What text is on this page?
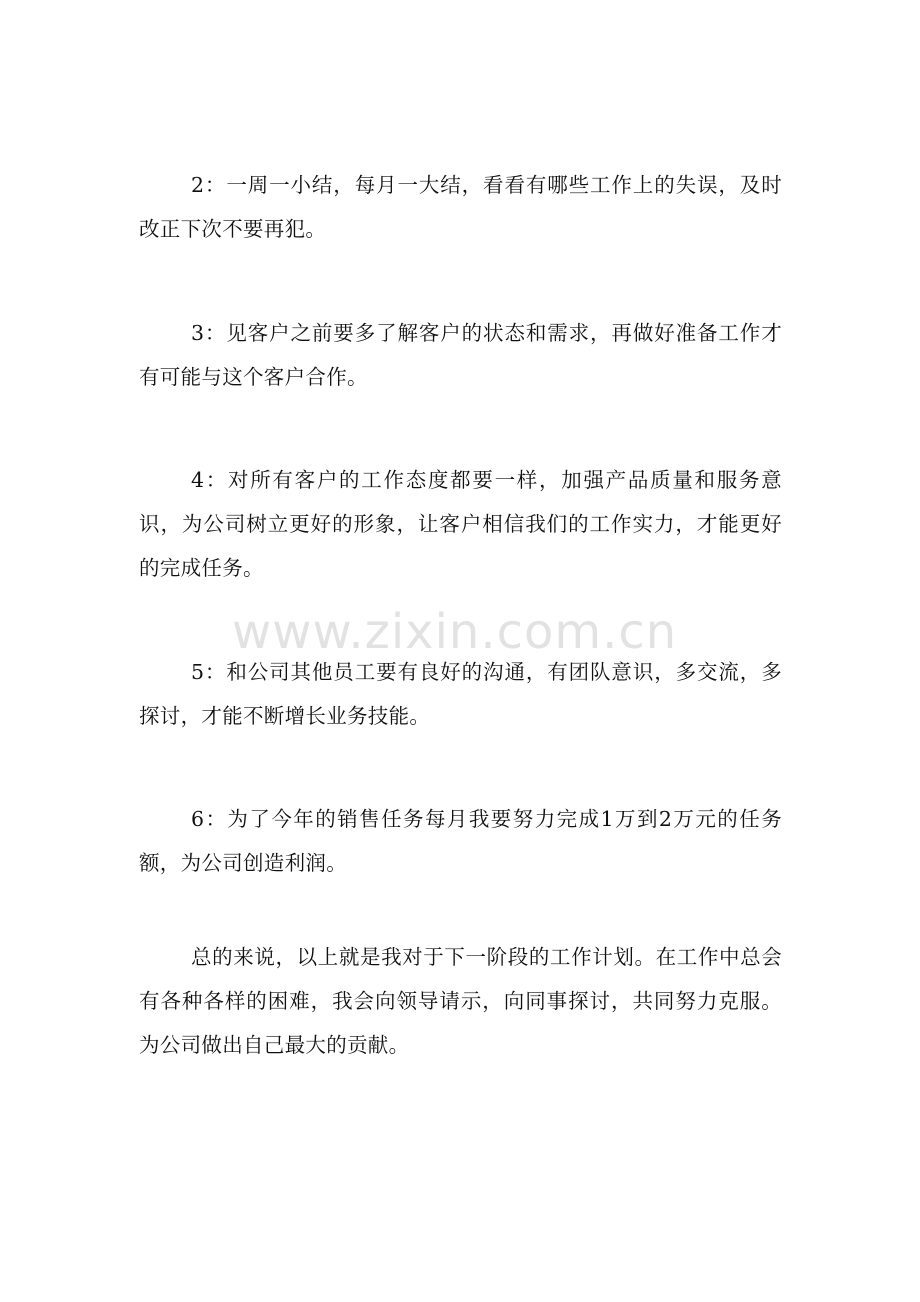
2：一周一小结，每月一大结，看看有哪些工作上的失误，及时改正下次不要再犯。

3：见客户之前要多了解客户的状态和需求，再做好准备工作才有可能与这个客户合作。

4：对所有客户的工作态度都要一样，加强产品质量和服务意识，为公司树立更好的形象，让客户相信我们的工作实力，才能更好的完成任务。

5：和公司其他员工要有良好的沟通，有团队意识，多交流，多探讨，才能不断增长业务技能。

6：为了今年的销售任务每月我要努力完成1万到2万元的任务额，为公司创造利润。

总的来说，以上就是我对于下一阶段的工作计划。在工作中总会有各种各样的困难，我会向领导请示，向同事探讨，共同努力克服。为公司做出自己最大的贡献。

www.zixin.com.cn
